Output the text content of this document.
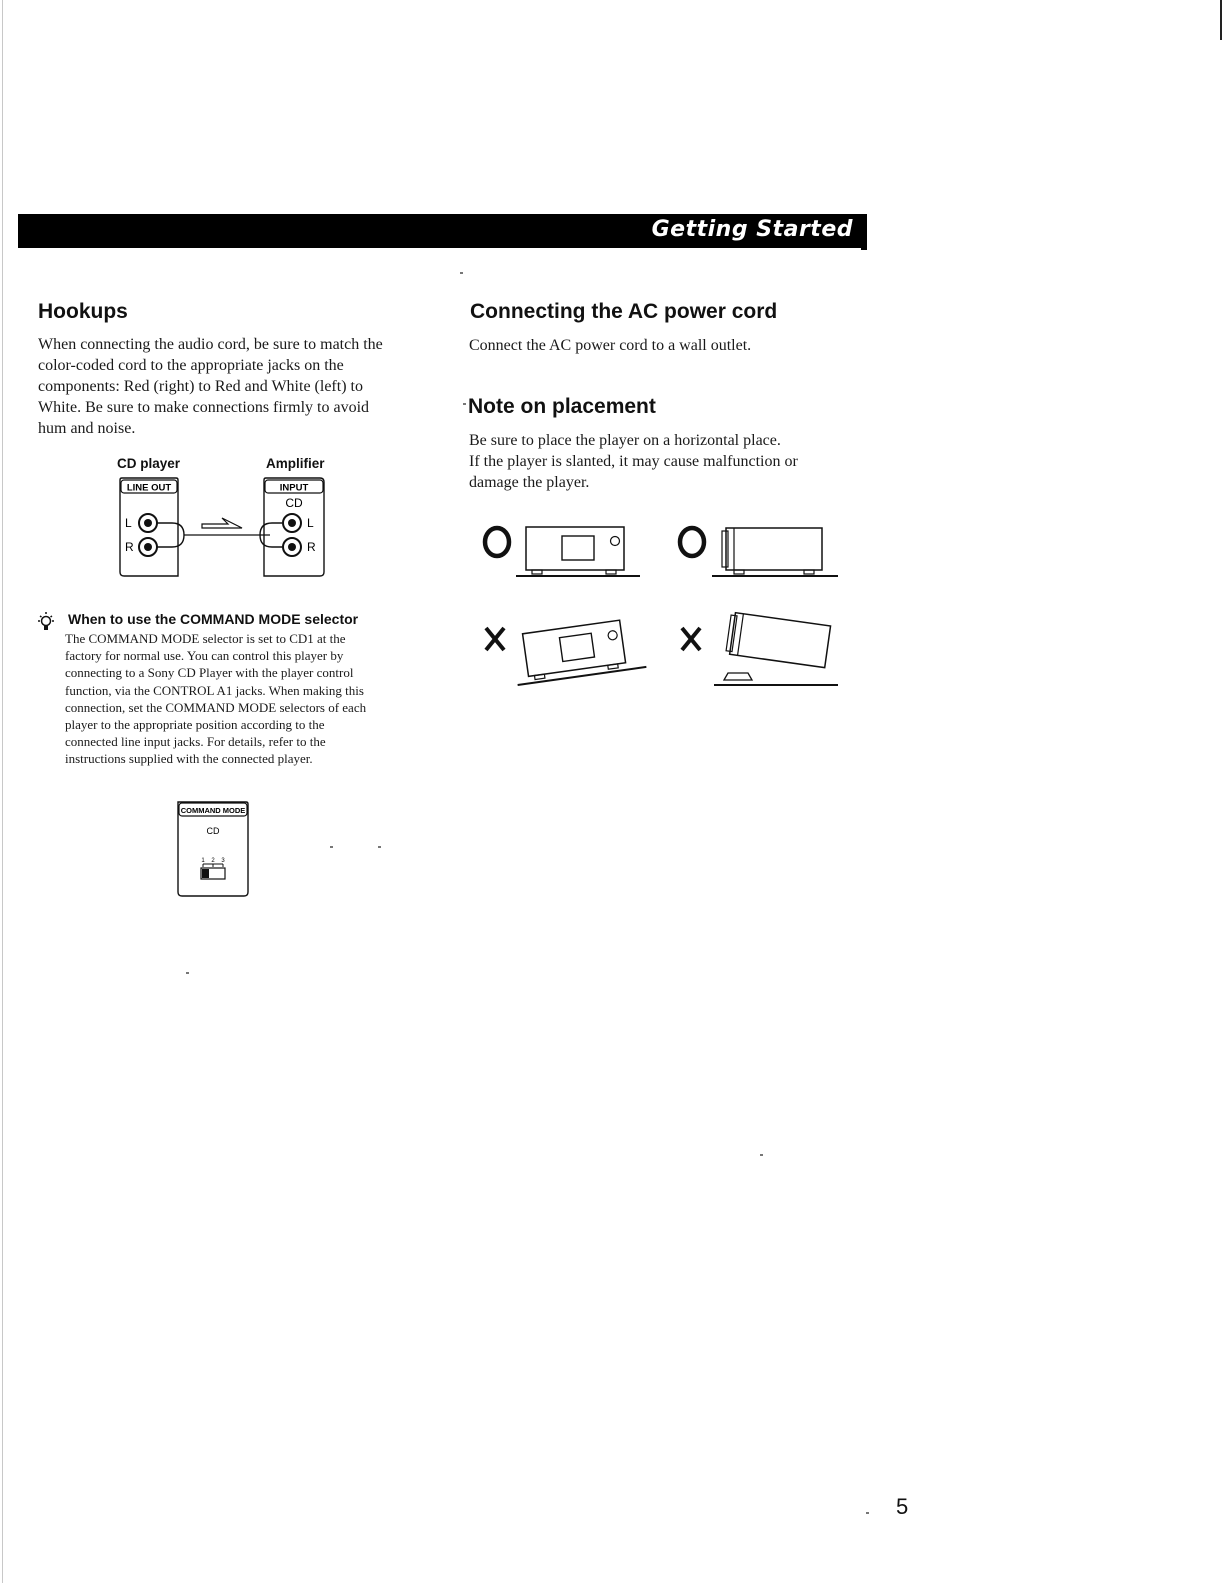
Getting Started
Hookups

When connecting the audio cord, be sure to match the

color-coded cord to the appropriate jacks on the

components: Red (right) to Red and White (left) to

White. Be sure to make connections firmly to avoid

hum and noise.

CD player	Amplifier

LINE OUT
L
R
INPUT
CD
L
R

When to use the COMMAND MODE selector

The COMMAND MODE selector is set to CD1 at the

factory for normal use. You can control this player by

connecting to a Sony CD Player with the player control

function, via the CONTROL A1 jacks. When making this

connection, set the COMMAND MODE selectors of each

player to the appropriate position according to the

connected line input jacks. For details, refer to the

instructions supplied with the connected player.

COMMAND MODE
CD
1 2 3
Connecting the AC power cord

Connect the AC power cord to a wall outlet.

Note on placement

Be sure to place the player on a horizontal place.

If the player is slanted, it may cause malfunction or

damage the player.

5
